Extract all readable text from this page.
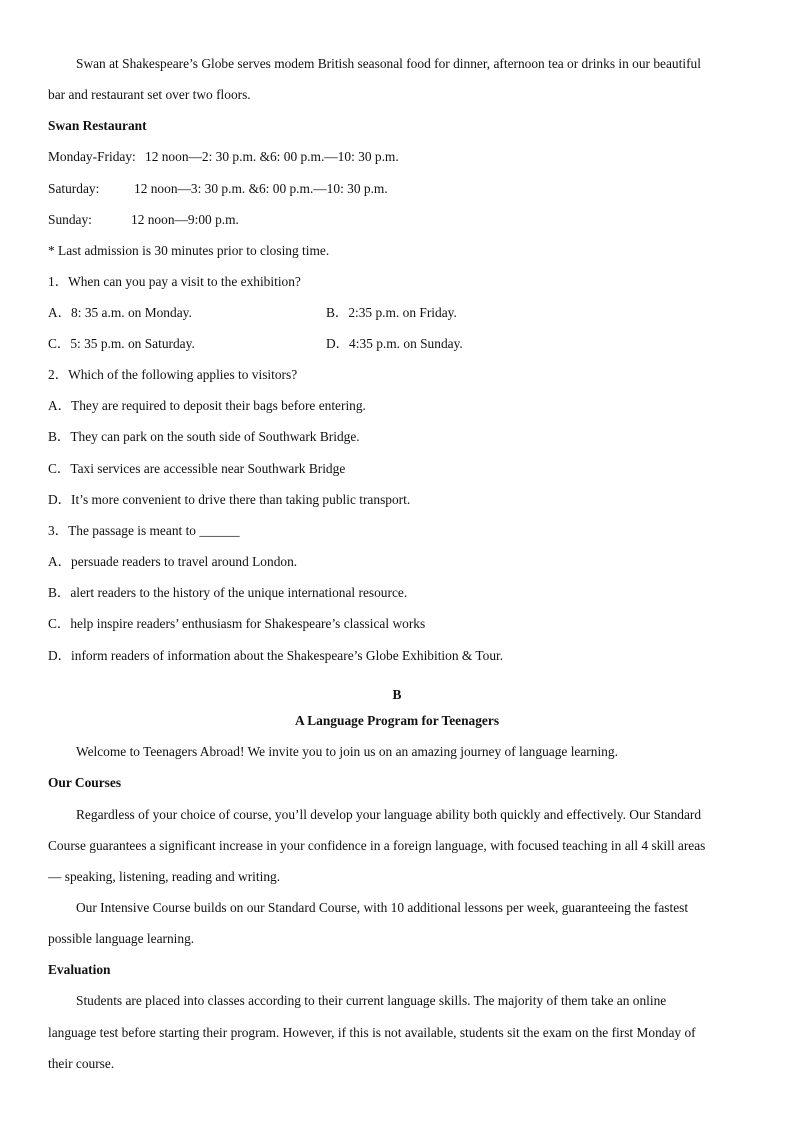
Swan at Shakespeare’s Globe serves modem British seasonal food for dinner, afternoon tea or drinks in our beautiful
bar and restaurant set over two floors.
Swan Restaurant
Monday-Friday: 12 noon—2: 30 p.m. &6: 00 p.m.—10: 30 p.m.
Saturday:	12 noon—3: 30 p.m. &6: 00 p.m.—10: 30 p.m.
Sunday:	12 noon—9:00 p.m.
* Last admission is 30 minutes prior to closing time.
1．When can you pay a visit to the exhibition?
A．8: 35 a.m. on Monday.	B．2:35 p.m. on Friday.
C．5: 35 p.m. on Saturday.	D．4:35 p.m. on Sunday.
2．Which of the following applies to visitors?
A．They are required to deposit their bags before entering.
B．They can park on the south side of Southwark Bridge.
C．Taxi services are accessible near Southwark Bridge
D．It’s more convenient to drive there than taking public transport.
3．The passage is meant to ______
A．persuade readers to travel around London.
B．alert readers to the history of the unique international resource.
C．help inspire readers’ enthusiasm for Shakespeare’s classical works
D．inform readers of information about the Shakespeare’s Globe Exhibition & Tour.
B
A Language Program for Teenagers
Welcome to Teenagers Abroad! We invite you to join us on an amazing journey of language learning.
Our Courses
Regardless of your choice of course, you’ll develop your language ability both quickly and effectively. Our Standard
Course guarantees a significant increase in your confidence in a foreign language, with focused teaching in all 4 skill areas
— speaking, listening, reading and writing.
Our Intensive Course builds on our Standard Course, with 10 additional lessons per week, guaranteeing the fastest
possible language learning.
Evaluation
Students are placed into classes according to their current language skills. The majority of them take an online
language test before starting their program. However, if this is not available, students sit the exam on the first Monday of
their course.
